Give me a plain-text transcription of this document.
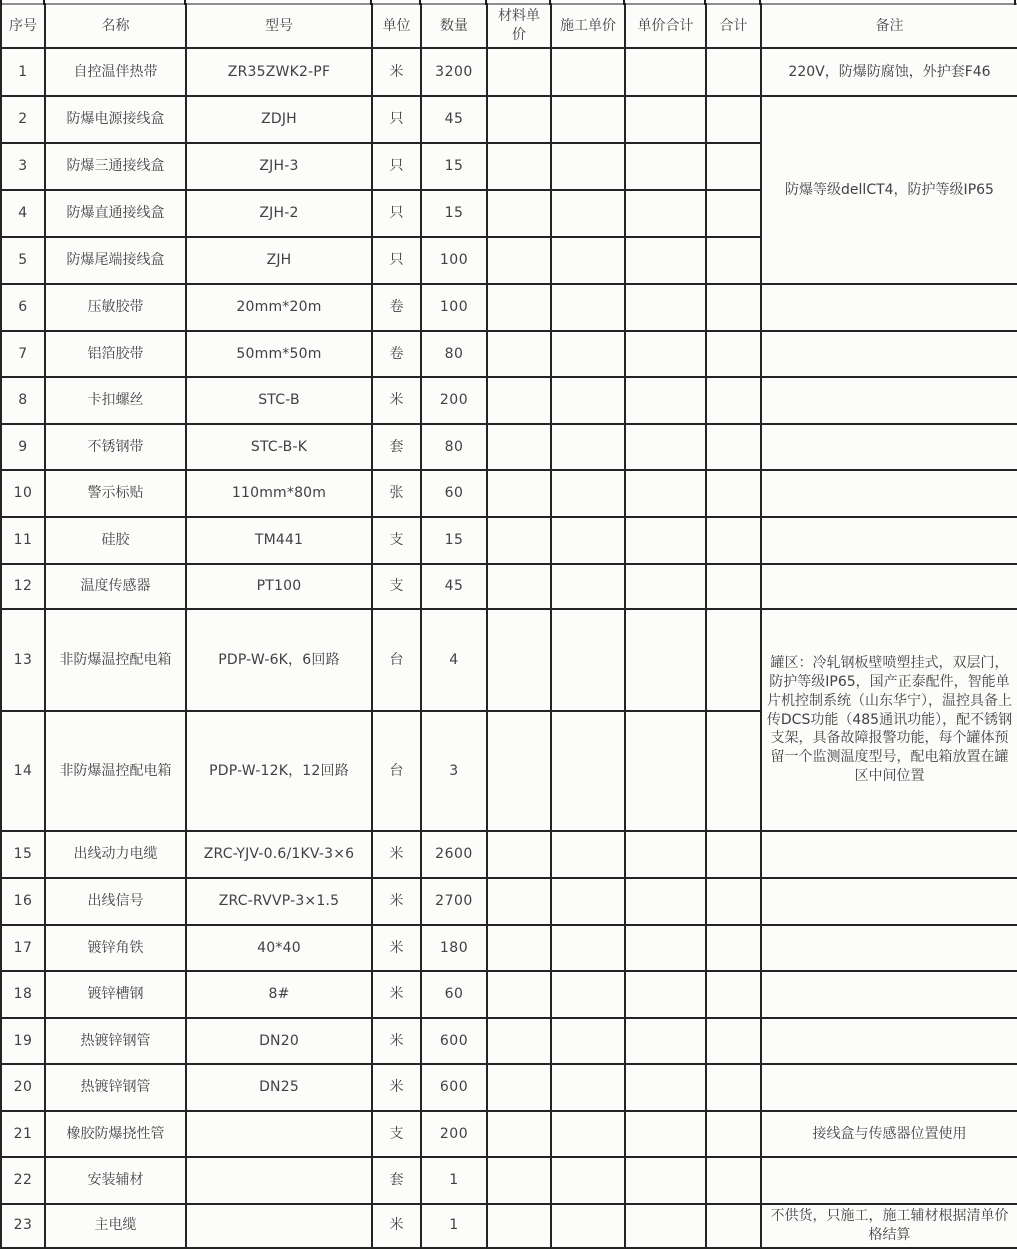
序号	名称	型号	单位	数量	材料单价	施工单价	单价合计	合计	备注
1	自控温伴热带	ZR35ZWK2-PF	米	3200					220V，防爆防腐蚀，外护套F46
2	防爆电源接线盒	ZDJH	只	45					防爆等级dellCT4，防护等级IP65
3	防爆三通接线盒	ZJH-3	只	15					
4	防爆直通接线盒	ZJH-2	只	15					
5	防爆尾端接线盒	ZJH	只	100					
6	压敏胶带	20mm*20m	卷	100					
7	铝箔胶带	50mm*50m	卷	80					
8	卡扣螺丝	STC-B	米	200					
9	不锈钢带	STC-B-K	套	80					
10	警示标贴	110mm*80m	张	60					
11	硅胶	TM441	支	15					
12	温度传感器	PT100	支	45					
13	非防爆温控配电箱	PDP-W-6K，6回路	台	4					罐区：冷轧钢板壁喷塑挂式，双层门，防护等级IP65，国产正泰配件，智能单片机控制系统（山东华宁），温控具备上传DCS功能（485通讯功能），配不锈钢支架，具备故障报警功能，每个罐体预留一个监测温度型号，配电箱放置在罐区中间位置
14	非防爆温控配电箱	PDP-W-12K，12回路	台	3					
15	出线动力电缆	ZRC-YJV-0.6/1KV-3×6	米	2600					
16	出线信号	ZRC-RVVP-3×1.5	米	2700					
17	镀锌角铁	40*40	米	180					
18	镀锌槽钢	8#	米	60					
19	热镀锌钢管	DN20	米	600					
20	热镀锌钢管	DN25	米	600					
21	橡胶防爆挠性管		支	200					接线盒与传感器位置使用
22	安装辅材		套	1					
23	主电缆		米	1					不供货，只施工，施工辅材根据清单价格结算
